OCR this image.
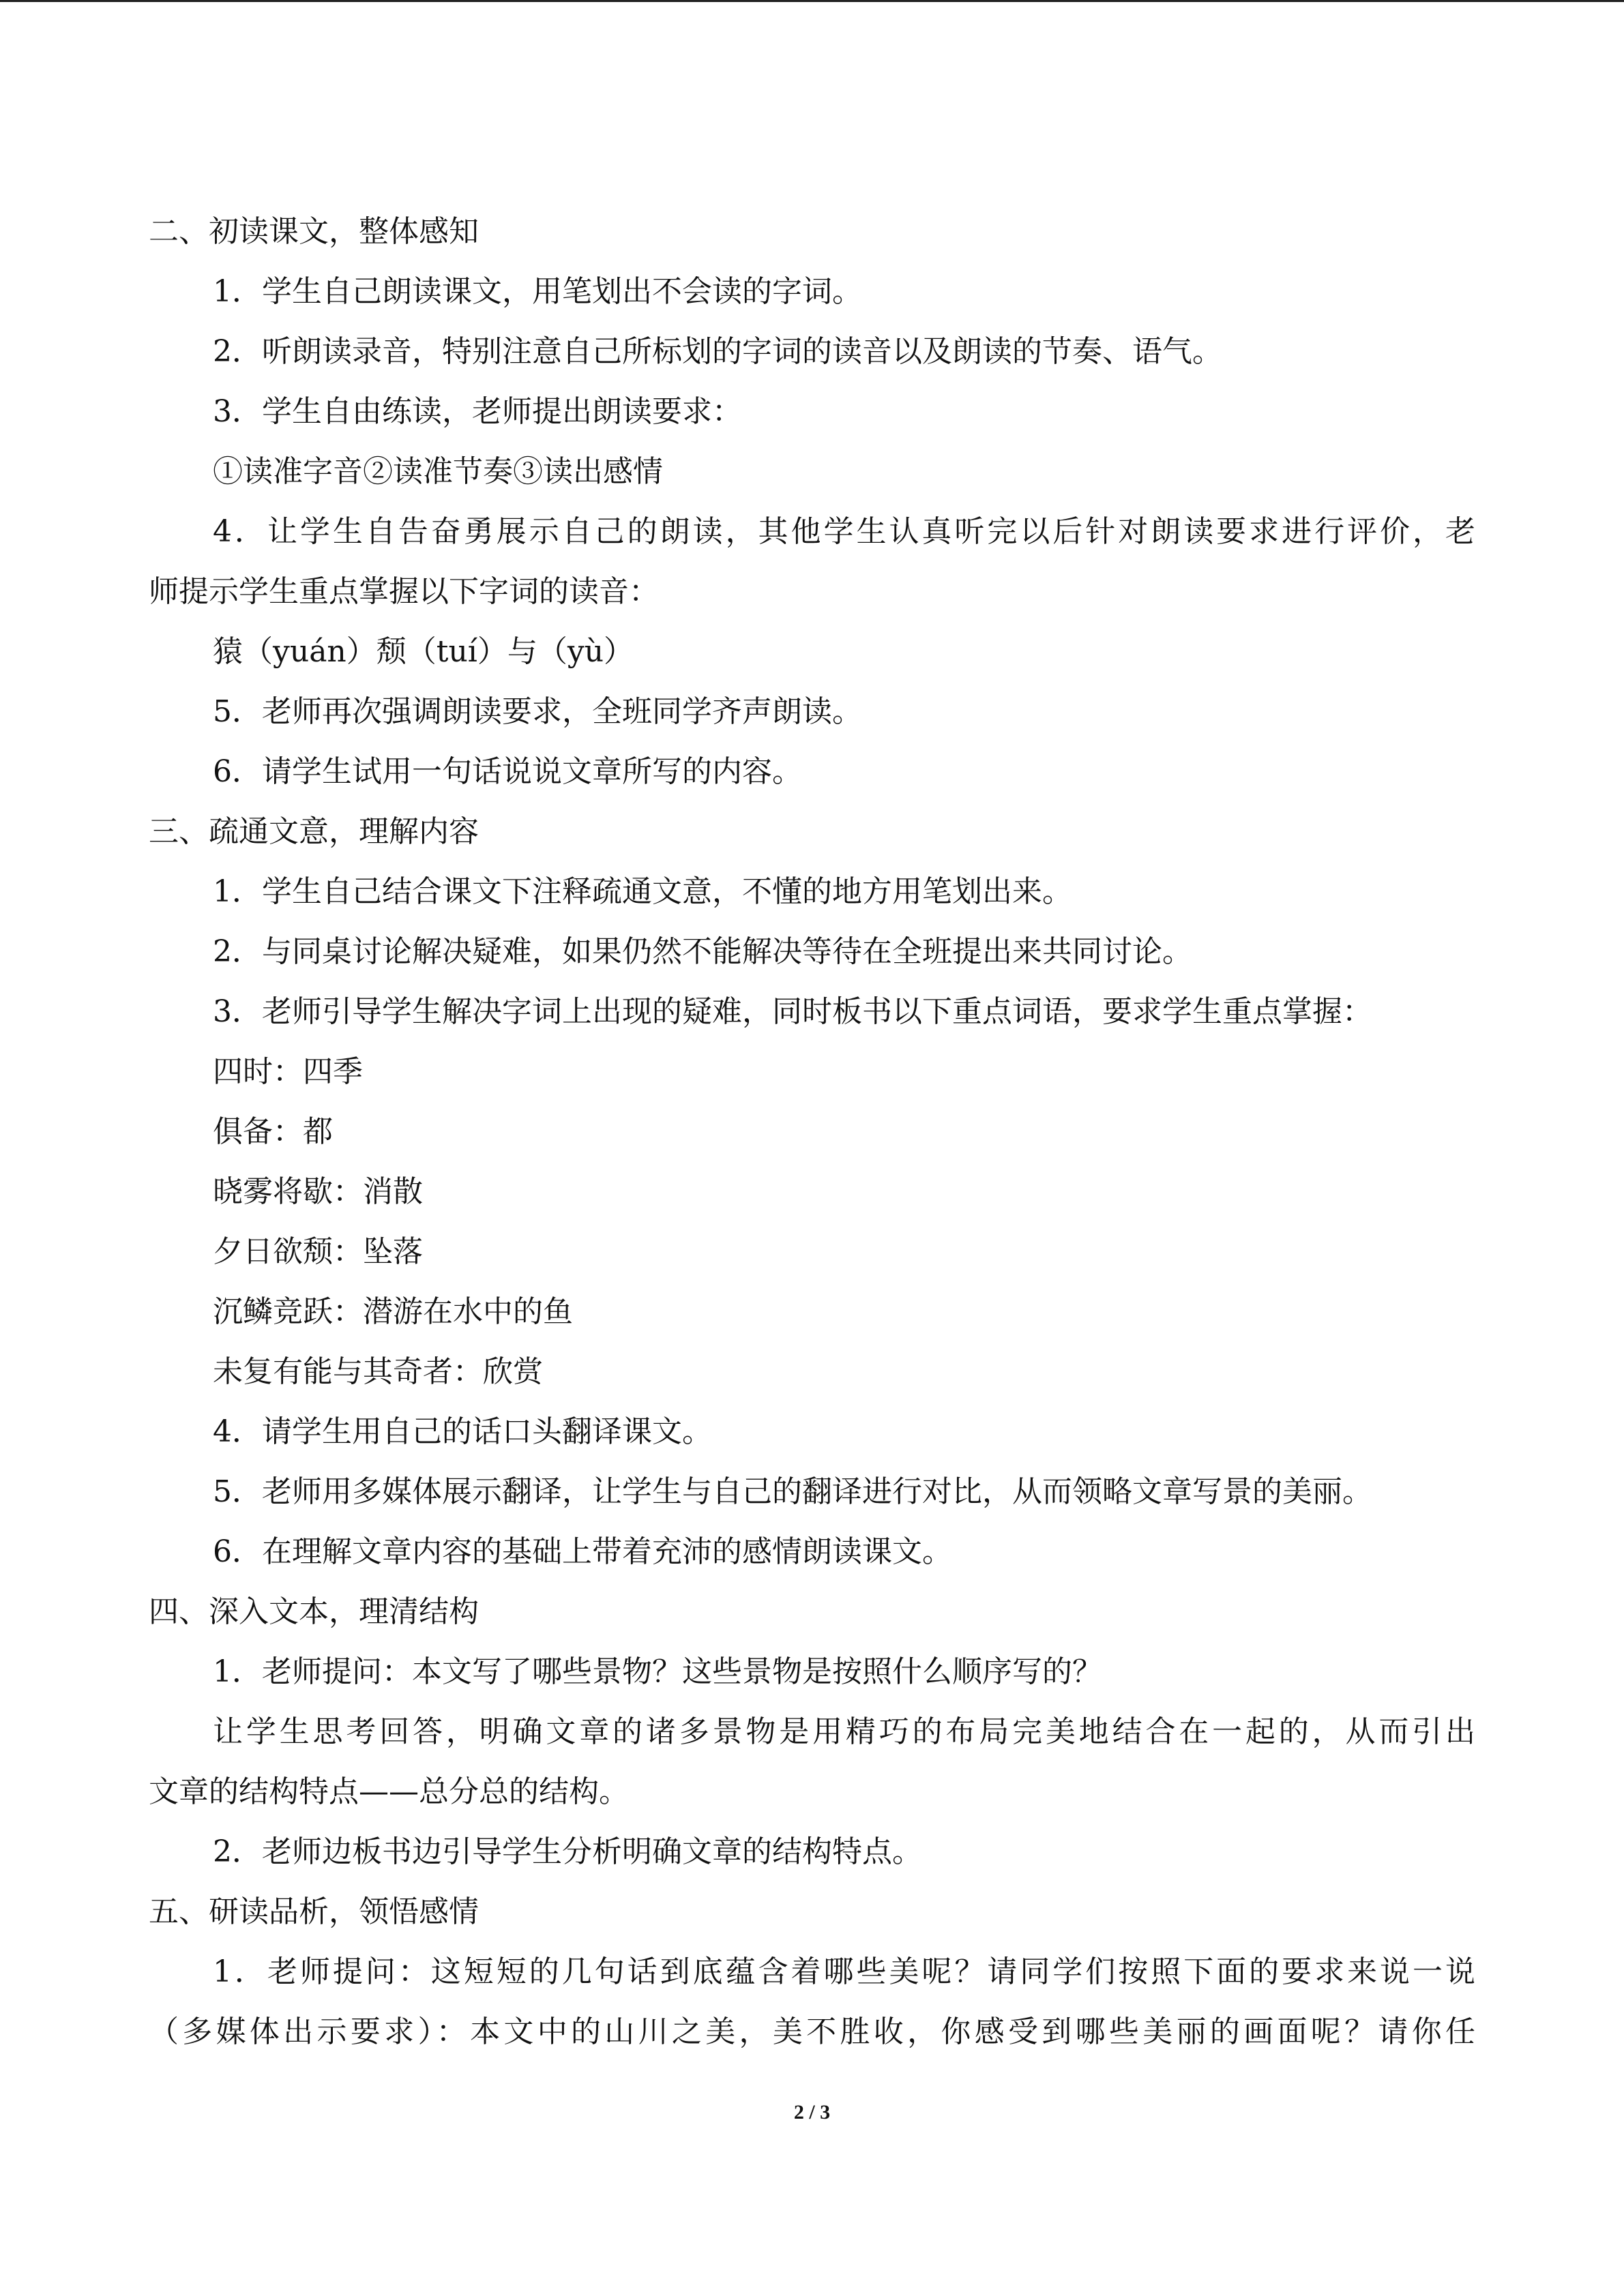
二、初读课文，整体感知
1．学生自己朗读课文，用笔划出不会读的字词。
2．听朗读录音，特别注意自己所标划的字词的读音以及朗读的节奏、语气。
3．学生自由练读，老师提出朗读要求：
①读准字音②读准节奏③读出感情
4．让学生自告奋勇展示自己的朗读，其他学生认真听完以后针对朗读要求进行评价，老
师提示学生重点掌握以下字词的读音：
猿（yuán）颓（tuí）与（yù）
5．老师再次强调朗读要求，全班同学齐声朗读。
6．请学生试用一句话说说文章所写的内容。
三、疏通文意，理解内容
1．学生自己结合课文下注释疏通文意，不懂的地方用笔划出来。
2．与同桌讨论解决疑难，如果仍然不能解决等待在全班提出来共同讨论。
3．老师引导学生解决字词上出现的疑难，同时板书以下重点词语，要求学生重点掌握：
四时：四季
俱备：都
晓雾将歇：消散
夕日欲颓：坠落
沉鳞竞跃：潜游在水中的鱼
未复有能与其奇者：欣赏
4．请学生用自己的话口头翻译课文。
5．老师用多媒体展示翻译，让学生与自己的翻译进行对比，从而领略文章写景的美丽。
6．在理解文章内容的基础上带着充沛的感情朗读课文。
四、深入文本，理清结构
1．老师提问：本文写了哪些景物？这些景物是按照什么顺序写的？
让学生思考回答，明确文章的诸多景物是用精巧的布局完美地结合在一起的，从而引出
文章的结构特点——总分总的结构。
2．老师边板书边引导学生分析明确文章的结构特点。
五、研读品析，领悟感情
1．老师提问：这短短的几句话到底蕴含着哪些美呢？请同学们按照下面的要求来说一说
（多媒体出示要求）：本文中的山川之美，美不胜收，你感受到哪些美丽的画面呢？请你任
2 / 3
